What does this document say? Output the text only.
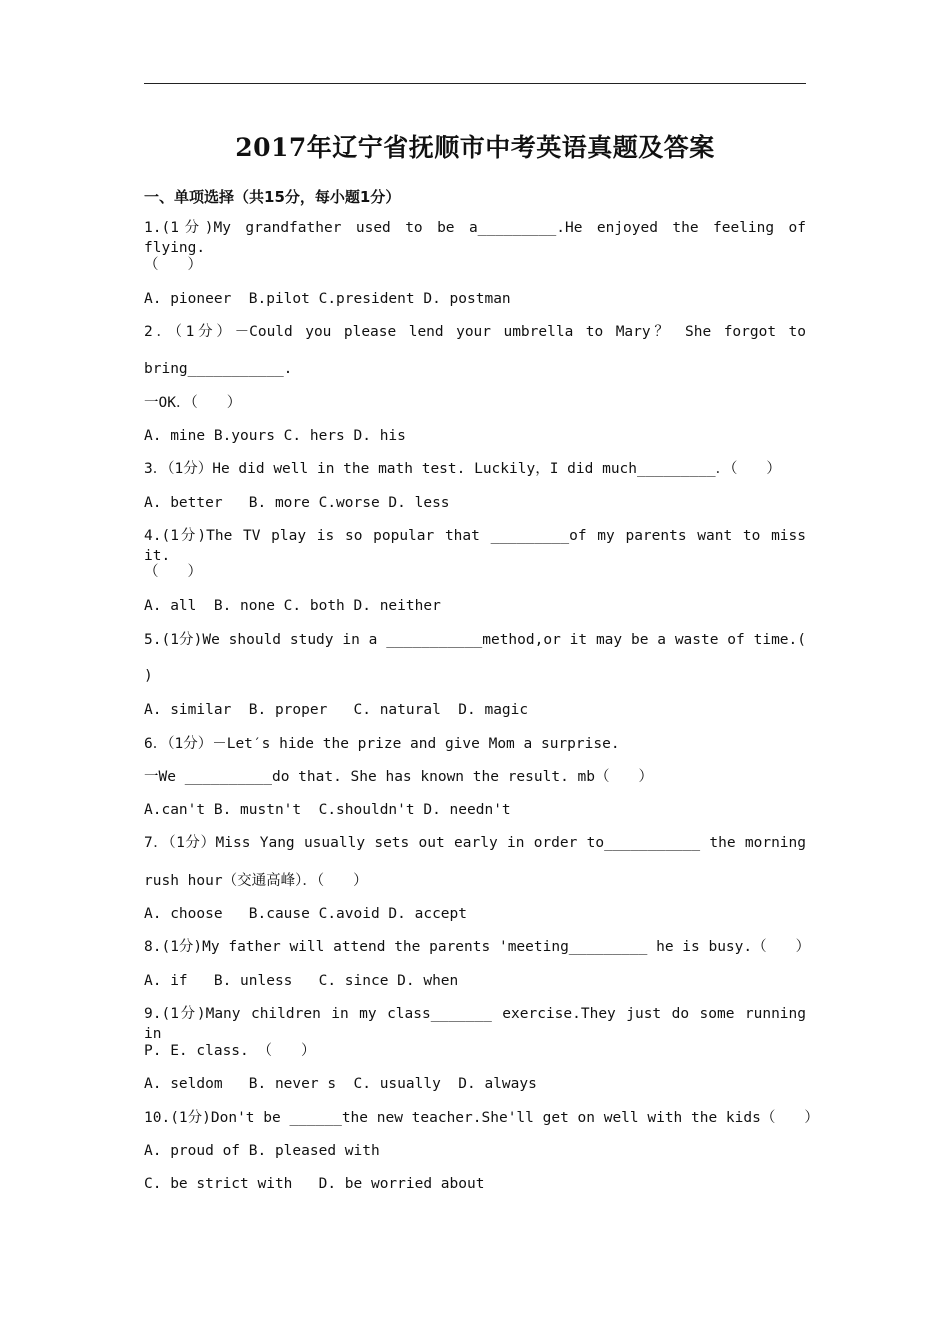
2017年辽宁省抚顺市中考英语真题及答案
一、单项选择（共15分，每小题1分）
1.(1分)My grandfather used to be a_________.He enjoyed the feeling of flying.
（　　）
A. pioneer  B.pilot C.president D. postman
2．（1分）－Could you please lend your umbrella to Mary？ She forgot to
bring___________.
一OK．（　　）
A. mine B.yours C. hers D. his
3．（1分）He did well in the math test. Luckily，I did much_________．（　　）
A. better   B. more C.worse D. less
4.(1分)The TV play is so popular that _________of my parents want to miss it.
（　　）
A. all  B. none C. both D. neither
5.(1分)We should study in a ___________method,or it may be a waste of time.(
)
A. similar  B. proper   C. natural  D. magic
6．（1分）－Let′s hide the prize and give Mom a surprise.
一We __________do that. She has known the result. mb（　　）
A.can't B. mustn't  C.shouldn't D. needn't
7．（1分）Miss Yang usually sets out early in order to___________ the morning
rush hour（交通高峰）．（　　）
A. choose   B.cause C.avoid D. accept
8.(1分)My father will attend the parents 'meeting_________ he is busy.（　　）
A. if   B. unless   C. since D. when
9.(1分)Many children in my class_______ exercise.They just do some running in
P. E. class. （　　）
A. seldom   B. never s  C. usually  D. always
10.(1分)Don't be ______the new teacher.She'll get on well with the kids（　　）
A. proud of B. pleased with
C. be strict with   D. be worried about
